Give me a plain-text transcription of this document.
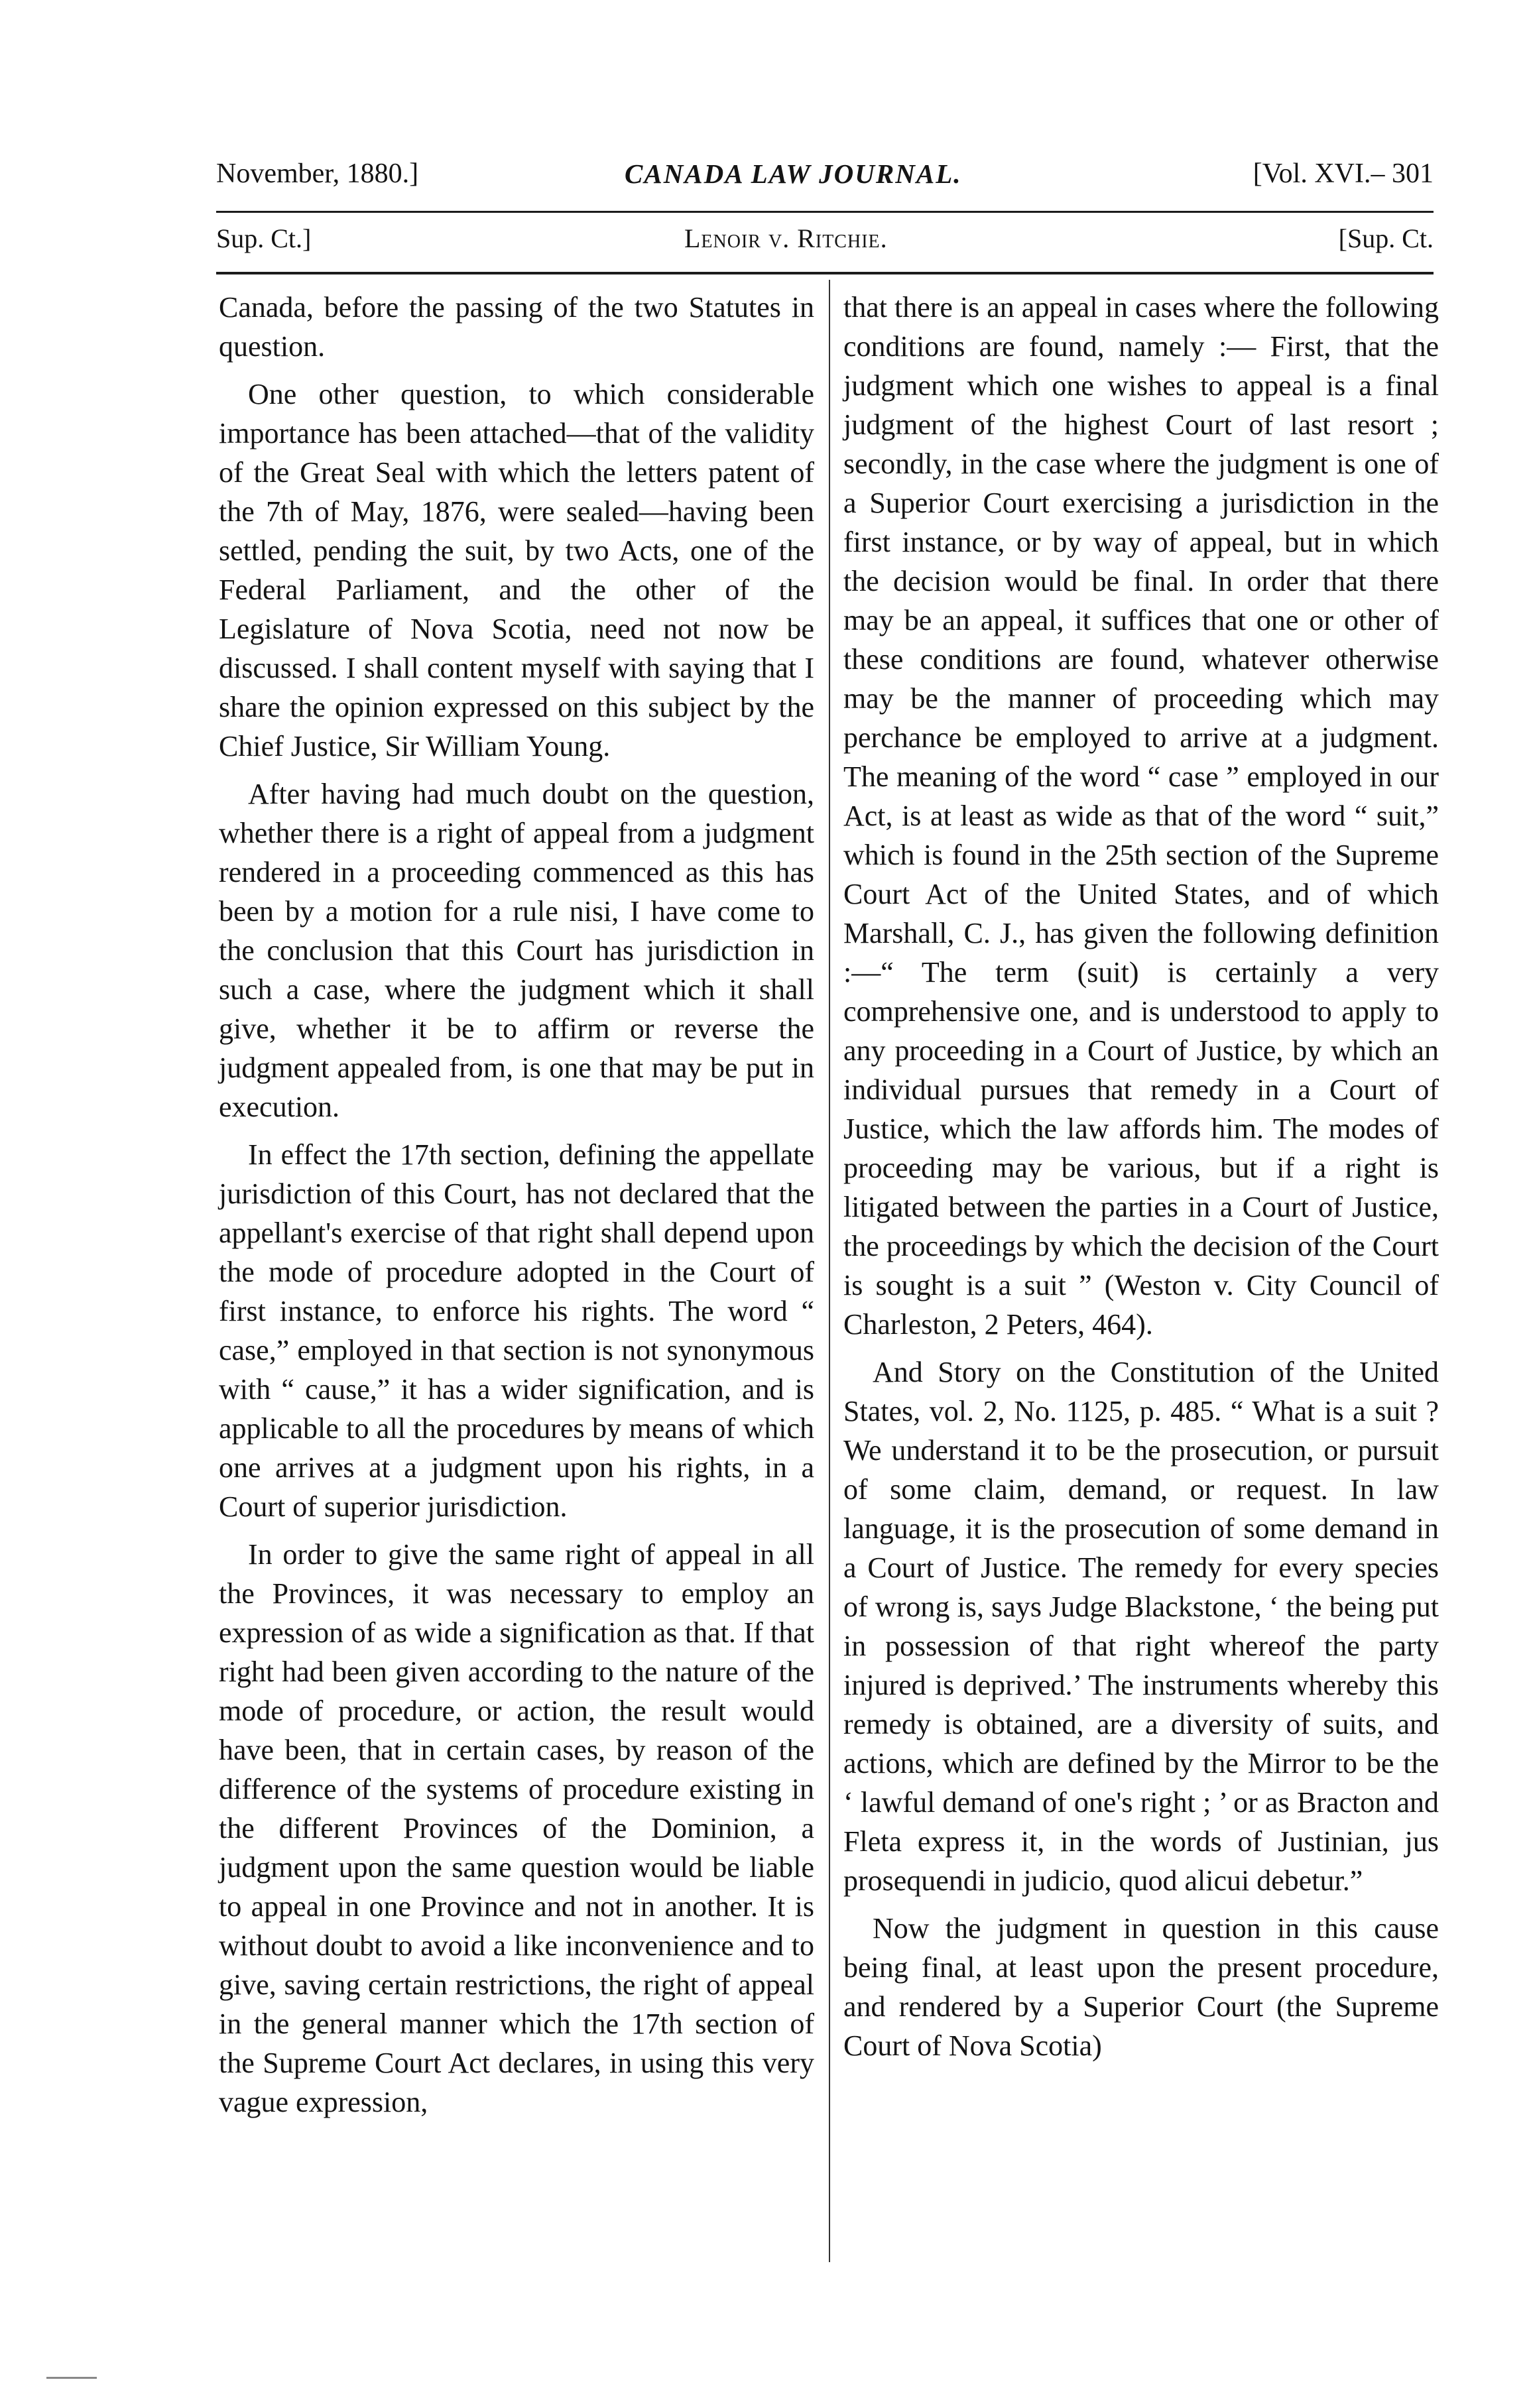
November, 1880.]	CANADA LAW JOURNAL.	[Vol. XVI.– 301
Sup. Ct.]	Lenoir v. Ritchie.	[Sup. Ct.

Canada, before the passing of the two Statutes in question.

One other question, to which considerable importance has been attached—that of the validity of the Great Seal with which the letters patent of the 7th of May, 1876, were sealed—having been settled, pending the suit, by two Acts, one of the Federal Parliament, and the other of the Legislature of Nova Scotia, need not now be discussed. I shall content myself with saying that I share the opinion expressed on this subject by the Chief Justice, Sir William Young.

After having had much doubt on the question, whether there is a right of appeal from a judgment rendered in a proceeding commenced as this has been by a motion for a rule nisi, I have come to the conclusion that this Court has jurisdiction in such a case, where the judgment which it shall give, whether it be to affirm or reverse the judgment appealed from, is one that may be put in execution.

In effect the 17th section, defining the appellate jurisdiction of this Court, has not declared that the appellant's exercise of that right shall depend upon the mode of procedure adopted in the Court of first instance, to enforce his rights. The word “ case,” employed in that section is not synonymous with “ cause,” it has a wider signification, and is applicable to all the procedures by means of which one arrives at a judgment upon his rights, in a Court of superior jurisdiction.

In order to give the same right of appeal in all the Provinces, it was necessary to employ an expression of as wide a signification as that. If that right had been given according to the nature of the mode of procedure, or action, the result would have been, that in certain cases, by reason of the difference of the systems of procedure existing in the different Provinces of the Dominion, a judgment upon the same question would be liable to appeal in one Province and not in another. It is without doubt to avoid a like inconvenience and to give, saving certain restrictions, the right of appeal in the general manner which the 17th section of the Supreme Court Act declares, in using this very vague expression,

that there is an appeal in cases where the following conditions are found, namely :— First, that the judgment which one wishes to appeal is a final judgment of the highest Court of last resort ; secondly, in the case where the judgment is one of a Superior Court exercising a jurisdiction in the first instance, or by way of appeal, but in which the decision would be final. In order that there may be an appeal, it suffices that one or other of these conditions are found, whatever otherwise may be the manner of proceeding which may perchance be employed to arrive at a judgment. The meaning of the word “ case ” employed in our Act, is at least as wide as that of the word “ suit,” which is found in the 25th section of the Supreme Court Act of the United States, and of which Marshall, C. J., has given the following definition :—“ The term (suit) is certainly a very comprehensive one, and is understood to apply to any proceeding in a Court of Justice, by which an individual pursues that remedy in a Court of Justice, which the law affords him. The modes of proceeding may be various, but if a right is litigated between the parties in a Court of Justice, the proceedings by which the decision of the Court is sought is a suit ” (Weston v. City Council of Charleston, 2 Peters, 464).

And Story on the Constitution of the United States, vol. 2, No. 1125, p. 485. “ What is a suit ? We understand it to be the prosecution, or pursuit of some claim, demand, or request. In law language, it is the prosecution of some demand in a Court of Justice. The remedy for every species of wrong is, says Judge Blackstone, ‘ the being put in possession of that right whereof the party injured is deprived.’ The instruments whereby this remedy is obtained, are a diversity of suits, and actions, which are defined by the Mirror to be the ‘ lawful demand of one's right ; ’ or as Bracton and Fleta express it, in the words of Justinian, jus prosequendi in judicio, quod alicui debetur.”

Now the judgment in question in this cause being final, at least upon the present procedure, and rendered by a Superior Court (the Supreme Court of Nova Scotia)
